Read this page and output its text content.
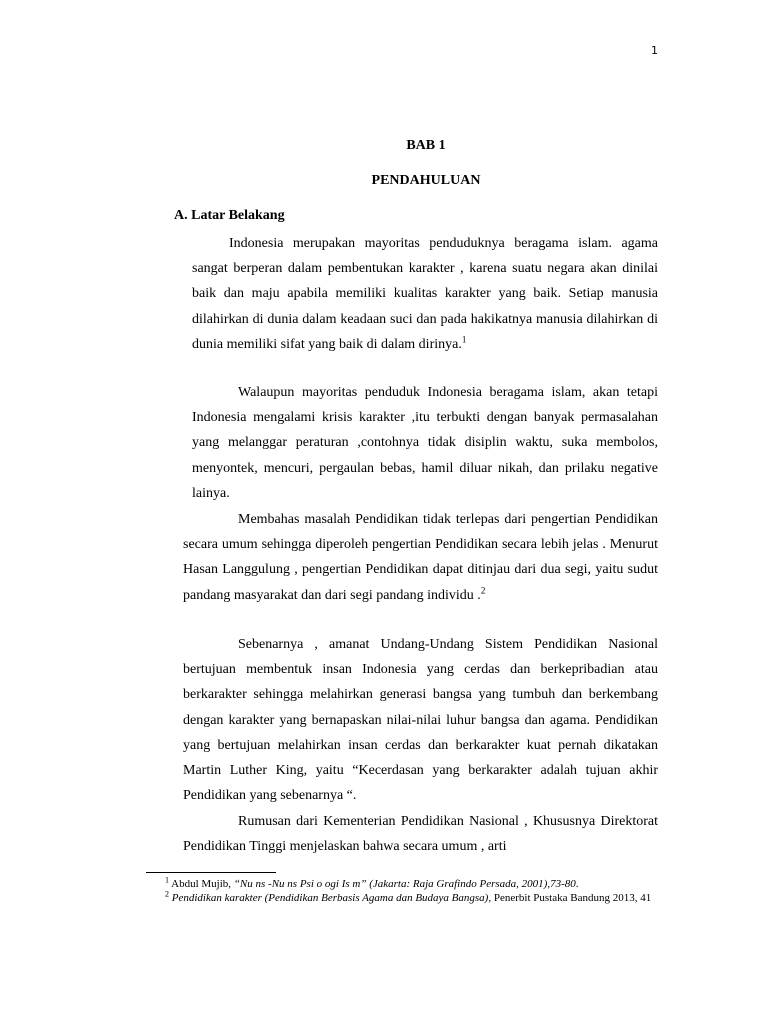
1
BAB 1
PENDAHULUAN
A. Latar Belakang

Indonesia merupakan mayoritas penduduknya beragama islam. agama sangat berperan dalam pembentukan karakter , karena suatu negara akan dinilai baik dan maju apabila memiliki kualitas karakter yang baik. Setiap manusia dilahirkan di dunia dalam keadaan suci dan pada hakikatnya manusia dilahirkan di dunia memiliki sifat yang baik di dalam dirinya.$^1$

Walaupun mayoritas penduduk Indonesia beragama islam, akan tetapi Indonesia mengalami krisis karakter ,itu terbukti dengan banyak permasalahan yang melanggar peraturan ,contohnya tidak disiplin waktu, suka membolos, menyontek, mencuri, pergaulan bebas, hamil diluar nikah, dan prilaku negative lainya.

Membahas masalah Pendidikan tidak terlepas dari pengertian Pendidikan secara umum sehingga diperoleh pengertian Pendidikan secara lebih jelas . Menurut Hasan Langgulung , pengertian Pendidikan dapat ditinjau dari dua segi, yaitu sudut pandang masyarakat dan dari segi pandang individu .$^2$

Sebenarnya , amanat Undang-Undang Sistem Pendidikan Nasional bertujuan membentuk insan Indonesia yang cerdas dan berkepribadian atau berkarakter sehingga melahirkan generasi bangsa yang tumbuh dan berkembang dengan karakter yang bernapaskan nilai-nilai luhur bangsa dan agama. Pendidikan yang bertujuan melahirkan insan cerdas dan berkarakter kuat pernah dikatakan Martin Luther King, yaitu “Kecerdasan yang berkarakter adalah tujuan akhir Pendidikan yang sebenarnya “.

Rumusan dari Kementerian Pendidikan Nasional , Khususnya Direktorat Pendidikan Tinggi menjelaskan bahwa secara umum , arti

$^1$ Abdul Mujib, “Nu ns -Nu ns Psi o ogi Is m” (Jakarta: Raja Grafindo Persada, 2001),73-80.
$^2$ Pendidikan karakter (Pendidikan Berbasis Agama dan Budaya Bangsa), Penerbit Pustaka Bandung 2013, 41
